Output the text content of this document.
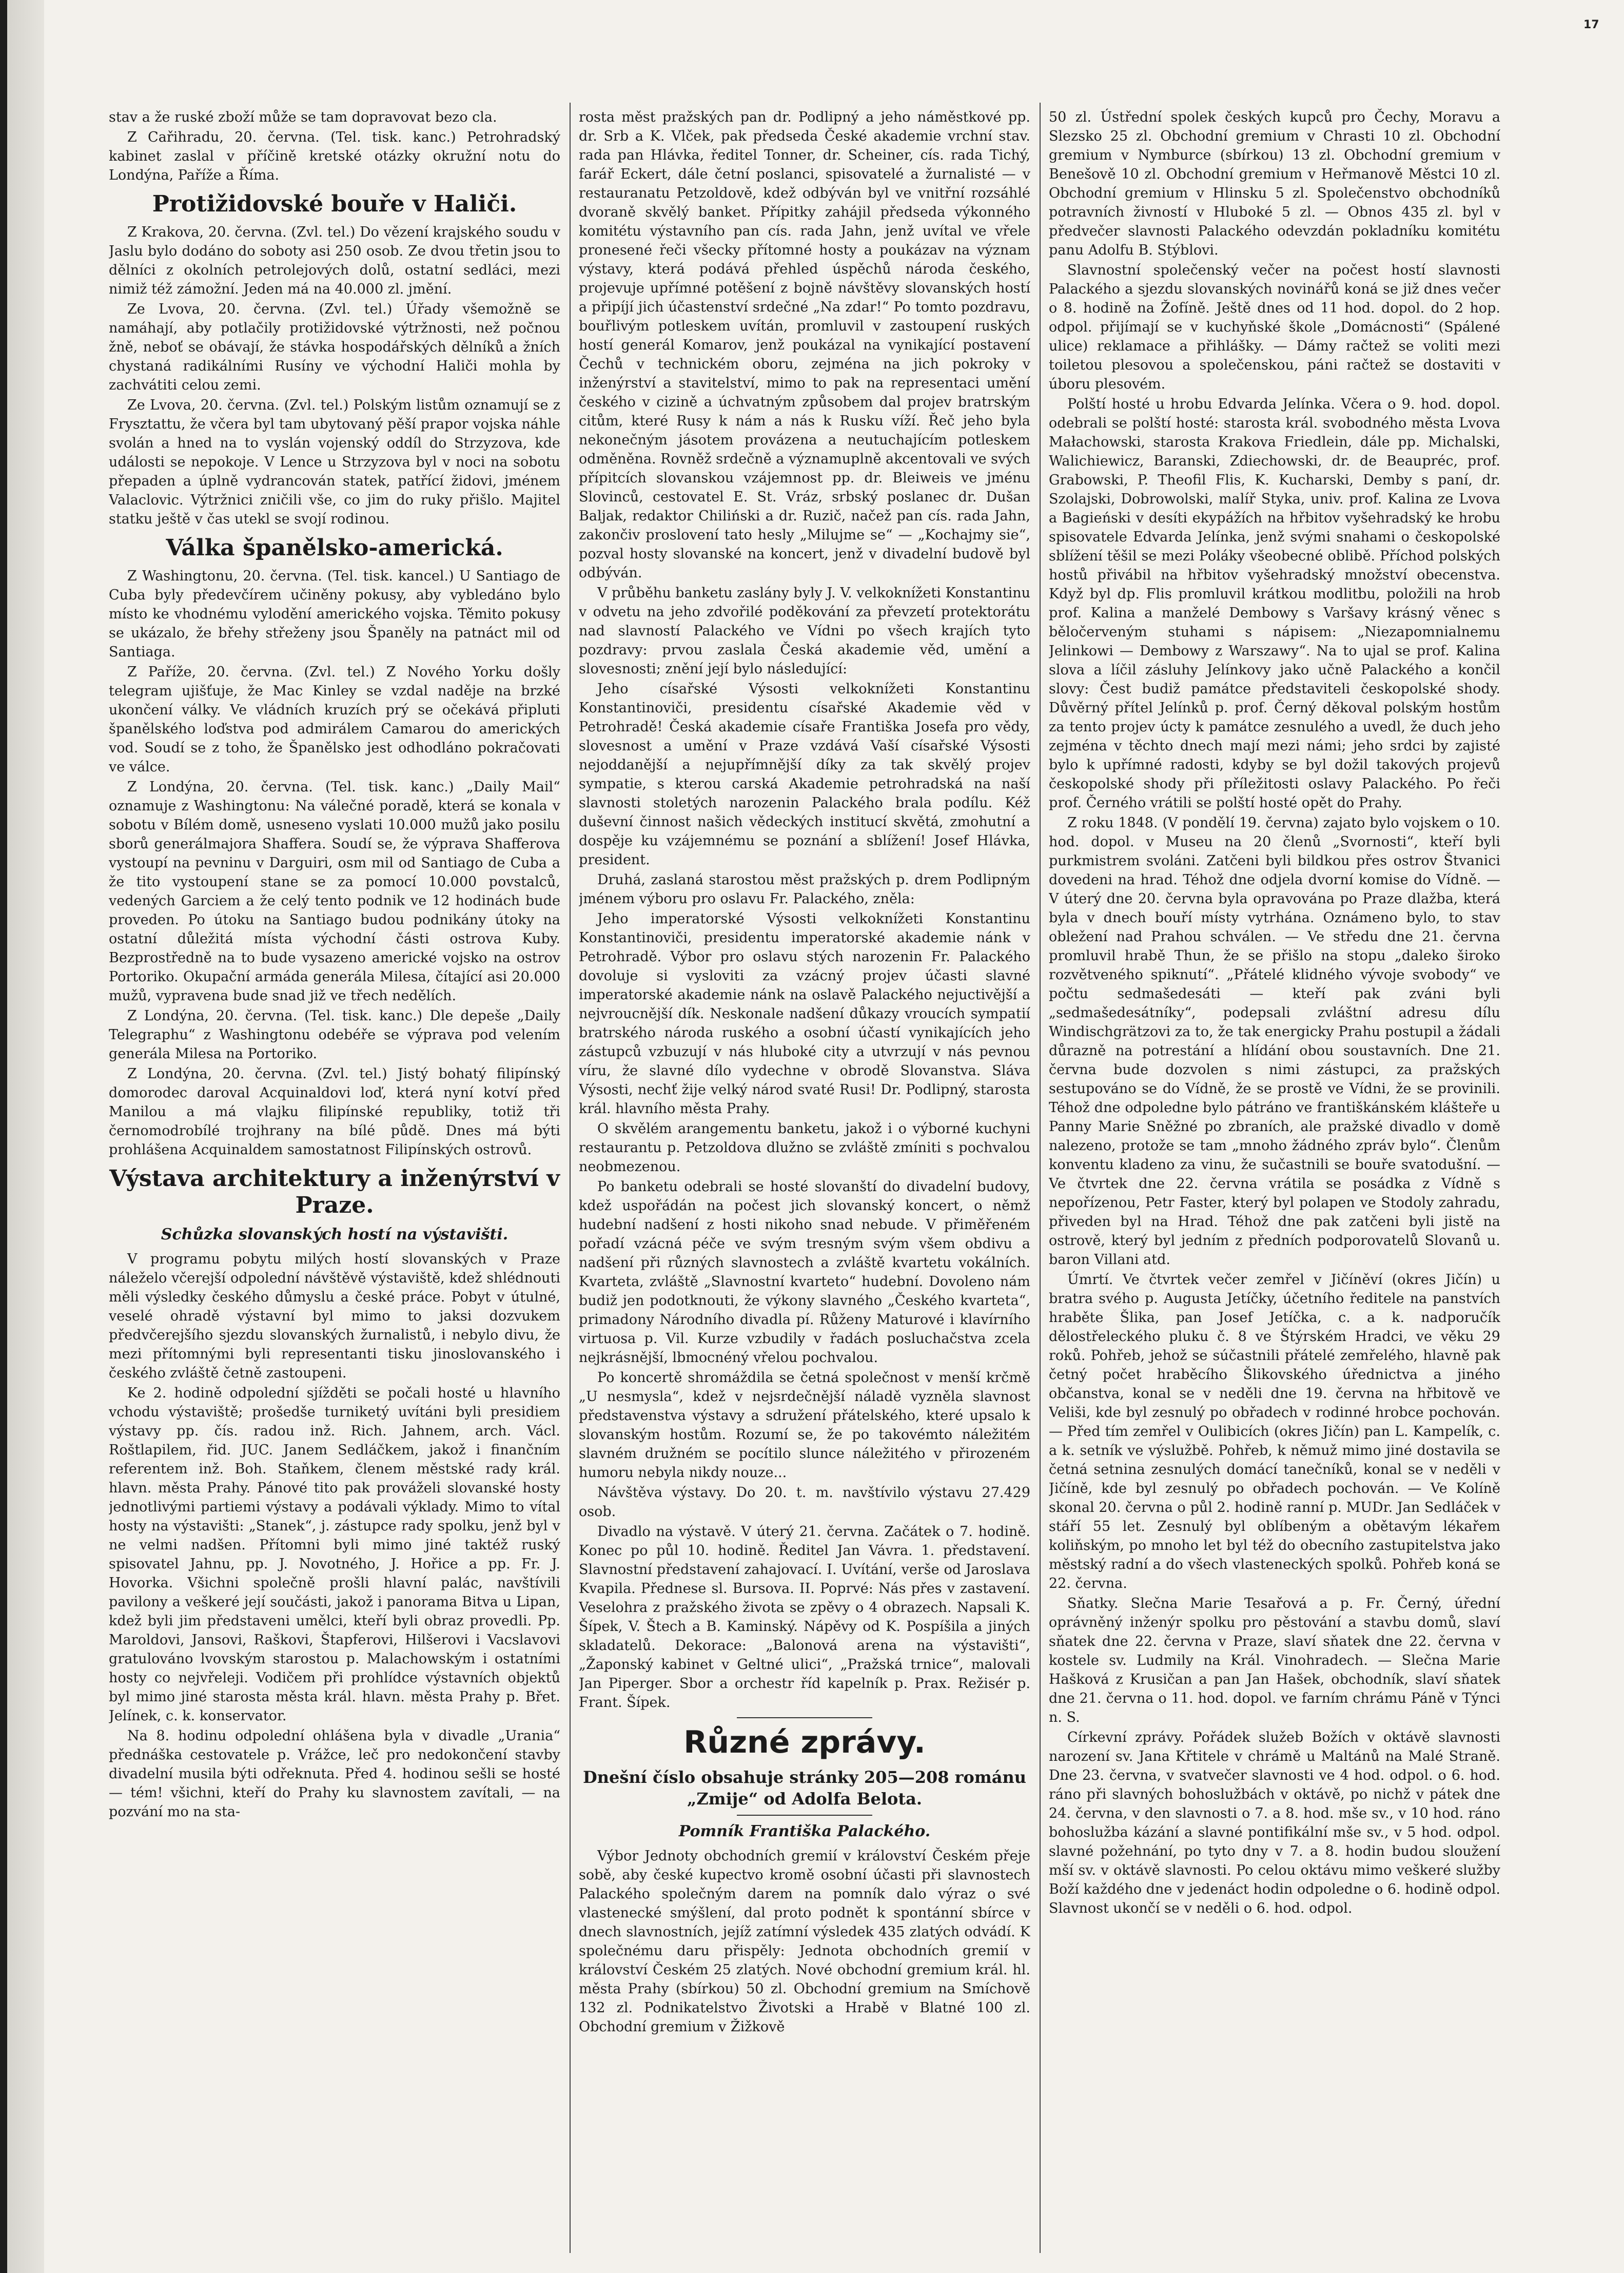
17

stav a že ruské zboží může se tam dopravovat bezo cla.

Z Cařihradu, 20. června. (Tel. tisk. kanc.) Petrohradský kabinet zaslal v příčině kretské otázky okružní notu do Londýna, Paříže a Říma.

Protižidovské bouře v Haliči.

Z Krakova, 20. června. (Zvl. tel.) Do vězení krajského soudu v Jaslu bylo dodáno do soboty asi 250 osob. Ze dvou třetin jsou to dělníci z okolních petrolejových dolů, ostatní sedláci, mezi nimiž též zámožní. Jeden má na 40.000 zl. jmění.

Ze Lvova, 20. června. (Zvl. tel.) Úřady všemožně se namáhají, aby potlačily protižidovské výtržnosti, než počnou žně, neboť se obávají, že stávka hospodářských dělníků a žních chystaná radikálními Rusíny ve východní Haliči mohla by zachvátiti celou zemi.

Ze Lvova, 20. června. (Zvl. tel.) Polským listům oznamují se z Frysztattu, že včera byl tam ubytovaný pěší prapor vojska náhle svolán a hned na to vyslán vojenský oddíl do Strzyzova, kde události se nepokoje. V Lence u Strzyzova byl v noci na sobotu přepaden a úplně vydrancován statek, patřící židovi, jménem Valaclovic. Výtržnici zničili vše, co jim do ruky přišlo. Majitel statku ještě v čas utekl se svojí rodinou.

Válka španělsko-americká.

Z Washingtonu, 20. června. (Tel. tisk. kancel.) U Santiago de Cuba byly předevčírem učiněny pokusy, aby vybledáno bylo místo ke vhodnému vylodění amerického vojska. Těmito pokusy se ukázalo, že břehy střeženy jsou Španěly na patnáct mil od Santiaga.

Z Paříže, 20. června. (Zvl. tel.) Z Nového Yorku došly telegram ujišťuje, že Mac Kinley se vzdal naděje na brzké ukončení války. Ve vládních kruzích prý se očekává připluti španělského loďstva pod admirálem Camarou do amerických vod. Soudí se z toho, že Španělsko jest odhodláno pokračovati ve válce.

Z Londýna, 20. června. (Tel. tisk. kanc.) „Daily Mail“ oznamuje z Washingtonu: Na válečné poradě, která se konala v sobotu v Bílém domě, usneseno vyslati 10.000 mužů jako posilu sborů generálmajora Shaffera. Soudí se, že výprava Shafferova vystoupí na pevninu v Darguiri, osm mil od Santiago de Cuba a že tito vystoupení stane se za pomocí 10.000 povstalců, vedených Garciem a že celý tento podnik ve 12 hodinách bude proveden. Po útoku na Santiago budou podnikány útoky na ostatní důležitá místa východní části ostrova Kuby. Bezprostředně na to bude vysazeno americké vojsko na ostrov Portoriko. Okupační armáda generála Milesa, čítající asi 20.000 mužů, vypravena bude snad již ve třech nedělích.

Z Londýna, 20. června. (Tel. tisk. kanc.) Dle depeše „Daily Telegraphu“ z Washingtonu odebéře se výprava pod velením generála Milesa na Portoriko.

Z Londýna, 20. června. (Zvl. tel.) Jistý bohatý filipínský domorodec daroval Acquinaldovi loď, která nyní kotví před Manilou a má vlajku filipínské republiky, totiž tři černomodrobílé trojhrany na bílé půdě. Dnes má býti prohlášena Acquinaldem samostatnost Filipínských ostrovů.

Výstava architektury a inženýrství v Praze.
Schůzka slovanských hostí na výstavišti.

V programu pobytu milých hostí slovanských v Praze náleželo včerejší odpolední návštěvě výstaviště, kdež shlédnouti měli výsledky českého důmyslu a české práce. Pobyt v útulné, veselé ohradě výstavní byl mimo to jaksi dozvukem předvčerejšího sjezdu slovanských žurnalistů, i nebylo divu, že mezi přítomnými byli representanti tisku jinoslovanského i českého zvláště četně zastoupeni.

Ke 2. hodině odpolední sjížděti se počali hosté u hlavního vchodu výstaviště; prošedše turniketý uvítáni byli presidiem výstavy pp. čís. radou inž. Rich. Jahnem, arch. Václ. Roštlapilem, řid. JUC. Janem Sedláčkem, jakož i finančním referentem inž. Boh. Staňkem, členem městské rady král. hlavn. města Prahy. Pánové tito pak prováželi slovanské hosty jednotlivými partiemi výstavy a podávali výklady. Mimo to vítal hosty na výstavišti: „Stanek“, j. zástupce rady spolku, jenž byl v ne velmi nadšen. Přítomni byli mimo jiné taktéž ruský spisovatel Jahnu, pp. J. Novotného, J. Hořice a pp. Fr. J. Hovorka. Všichni společně prošli hlavní palác, navštívili pavilony a veškeré její součásti, jakož i panorama Bitva u Lipan, kdež byli jim představeni umělci, kteří byli obraz provedli. Pp. Maroldovi, Jansovi, Raškovi, Štapferovi, Hilšerovi i Vacslavovi gratulováno lvovským starostou p. Malachowským i ostatními hosty co nejvřeleji. Vodičem při prohlídce výstavních objektů byl mimo jiné starosta města král. hlavn. města Prahy p. Břet. Jelínek, c. k. konservator.

Na 8. hodinu odpolední ohlášena byla v divadle „Urania“ přednáška cestovatele p. Vrážce, leč pro nedokončení stavby divadelní musila býti odřeknuta. Před 4. hodinou sešli se hosté — tém! všichni, kteří do Prahy ku slavnostem zavítali, — na pozvání mo na sta-

rosta měst pražských pan dr. Podlipný a jeho náměstkové pp. dr. Srb a K. Vlček, pak předseda České akademie vrchní stav. rada pan Hlávka, ředitel Tonner, dr. Scheiner, cís. rada Tichý, farář Eckert, dále četní poslanci, spisovatelé a žurnalisté — v restauranatu Petzoldově, kdež odbýván byl ve vnitřní rozsáhlé dvoraně skvělý banket. Přípitky zahájil předseda výkonného komitétu výstavního pan cís. rada Jahn, jenž uvítal ve vřele pronesené řeči všecky přítomné hosty a poukázav na význam výstavy, která podává přehled úspěchů národa českého, projevuje upřímné potěšení z bojně návštěvy slovanských hostí a připíjí jich účastenství srdečné „Na zdar!“ Po tomto pozdravu, bouřlivým potleskem uvítán, promluvil v zastoupení ruských hostí generál Komarov, jenž poukázal na vynikající postavení Čechů v technickém oboru, zejména na jich pokroky v inženýrství a stavitelství, mimo to pak na representaci umění českého v cizině a úchvatným způsobem dal projev bratrským citům, které Rusy k nám a nás k Rusku víží. Řeč jeho byla nekonečným jásotem provázena a neutuchajícím potleskem odměněna. Rovněž srdečně a významuplně akcentovali ve svých přípitcích slovanskou vzájemnost pp. dr. Bleiweis ve jménu Slovinců, cestovatel E. St. Vráz, srbský poslanec dr. Dušan Baljak, redaktor Chiliński a dr. Ruzič, načež pan cís. rada Jahn, zakončiv proslovení tato hesly „Milujme se“ — „Kochajmy sie“, pozval hosty slovanské na koncert, jenž v divadelní budově byl odbýván.

V průběhu banketu zaslány byly J. V. velkoknížeti Konstantinu v odvetu na jeho zdvořilé poděkování za převzetí protektorátu nad slavností Palackého ve Vídni po všech krajích tyto pozdravy: prvou zaslala Česká akademie věd, umění a slovesnosti; znění její bylo následující:

Jeho císařské Výsosti velkoknížeti Konstantinu Konstantinoviči, presidentu císařské Akademie věd v Petrohradě! Česká akademie císaře Františka Josefa pro vědy, slovesnost a umění v Praze vzdává Vaší císařské Výsosti nejoddanější a nejupřímnější díky za tak skvělý projev sympatie, s kterou carská Akademie petrohradská na naší slavnosti stoletých narozenin Palackého brala podílu. Kéž duševní činnost našich vědeckých institucí skvětá, zmohutní a dospěje ku vzájemnému se poznání a sblížení! Josef Hlávka, president.

Druhá, zaslaná starostou měst pražských p. drem Podlipným jménem výboru pro oslavu Fr. Palackého, zněla:

Jeho imperatorské Výsosti velkoknížeti Konstantinu Konstantinoviči, presidentu imperatorské akademie nánk v Petrohradě. Výbor pro oslavu stých narozenin Fr. Palackého dovoluje si vysloviti za vzácný projev účasti slavné imperatorské akademie nánk na oslavě Palackého nejuctivější a nejvroucnější dík. Neskonale nadšení důkazy vroucích sympatií bratrského národa ruského a osobní účastí vynikajících jeho zástupců vzbuzují v nás hluboké city a utvrzují v nás pevnou víru, že slavné dílo vydechne v obrodě Slovanstva. Sláva Výsosti, nechť žije velký národ svaté Rusi! Dr. Podlipný, starosta král. hlavního města Prahy.

O skvělém arangementu banketu, jakož i o výborné kuchyni restaurantu p. Petzoldova dlužno se zvláště zmíniti s pochvalou neobmezenou.

Po banketu odebrali se hosté slovanští do divadelní budovy, kdež uspořádán na počest jich slovanský koncert, o němž hudební nadšení z hosti nikoho snad nebude. V přiměřeném pořadí vzácná péče ve svým tresným svým všem obdivu a nadšení při různých slavnostech a zvláště kvartetu vokálních. Kvarteta, zvláště „Slavnostní kvarteto“ hudební. Dovoleno nám budiž jen podotknouti, že výkony slavného „Českého kvarteta“, primadony Národního divadla pí. Růženy Maturové i klavírního virtuosa p. Vil. Kurze vzbudily v řadách posluchačstva zcela nejkrásnější, lbmocnéný vřelou pochvalou.

Po koncertě shromáždila se četná společnost v menší krčmě „U nesmysla“, kdež v nejsrdečnější náladě vyzněla slavnost představenstva výstavy a sdružení přátelského, které upsalo k slovanským hostům. Rozumí se, že po takovémto náležitém slavném družném se pocítilo slunce náležitého v přirozeném humoru nebyla nikdy nouze...

Návštěva výstavy. Do 20. t. m. navštívilo výstavu 27.429 osob.

Divadlo na výstavě. V úterý 21. června. Začátek o 7. hodině. Konec po půl 10. hodině. Ředitel Jan Vávra. 1. představení. Slavnostní představení zahajovací. I. Uvítání, verše od Jaroslava Kvapila. Přednese sl. Bursova. II. Poprvé: Nás přes v zastavení. Veselohra z pražského života se zpěvy o 4 obrazech. Napsali K. Šípek, V. Štech a B. Kaminský. Nápěvy od K. Pospíšila a jiných skladatelů. Dekorace: „Balonová arena na výstavišti“, „Žaponský kabinet v Geltné ulici“, „Pražská trnice“, malovali Jan Piperger. Sbor a orchestr říd kapelník p. Prax. Režisér p. Frant. Šípek.

Různé zprávy.
Dnešní číslo obsahuje stránky 205—208 románu „Zmije“ od Adolfa Belota.
Pomník Františka Palackého.

Výbor Jednoty obchodních gremií v království Českém přeje sobě, aby české kupectvo kromě osobní účasti při slavnostech Palackého společným darem na pomník dalo výraz o své vlastenecké smýšlení, dal proto podnět k spontánní sbírce v dnech slavnostních, jejíž zatímní výsledek 435 zlatých odvádí. K společnému daru přispěly: Jednota obchodních gremií v království Českém 25 zlatých. Nové obchodní gremium král. hl. města Prahy (sbírkou) 50 zl. Obchodní gremium na Smíchově 132 zl. Podnikatelstvo Životski a Hrabě v Blatné 100 zl. Obchodní gremium v Žižkově

50 zl. Ústřední spolek českých kupců pro Čechy, Moravu a Slezsko 25 zl. Obchodní gremium v Chrasti 10 zl. Obchodní gremium v Nymburce (sbírkou) 13 zl. Obchodní gremium v Benešově 10 zl. Obchodní gremium v Heřmanově Městci 10 zl. Obchodní gremium v Hlinsku 5 zl. Společenstvo obchodníků potravních živností v Hluboké 5 zl. — Obnos 435 zl. byl v předvečer slavnosti Palackého odevzdán pokladníku komitétu panu Adolfu B. Stýblovi.

Slavnostní společenský večer na počest hostí slavnosti Palackého a sjezdu slovanských novinářů koná se již dnes večer o 8. hodině na Žofíně. Ještě dnes od 11 hod. dopol. do 2 hop. odpol. přijímají se v kuchyňské škole „Domácnosti“ (Spálené ulice) reklamace a přihlášky. — Dámy račtež se voliti mezi toiletou plesovou a společenskou, páni račtež se dostaviti v úboru plesovém.

Polští hosté u hrobu Edvarda Jelínka. Včera o 9. hod. dopol. odebrali se polští hosté: starosta král. svobodného města Lvova Małachowski, starosta Krakova Friedlein, dále pp. Michalski, Walichiewicz, Baranski, Zdiechowski, dr. de Beaupréc, prof. Grabowski, P. Theofil Flis, K. Kucharski, Demby s paní, dr. Szolajski, Dobrowolski, malíř Styka, univ. prof. Kalina ze Lvova a Bagieński v desíti ekypážích na hřbitov vyšehradský ke hrobu spisovatele Edvarda Jelínka, jenž svými snahami o českopolské sblížení těšil se mezi Poláky všeobecné oblibě. Příchod polských hostů přivábil na hřbitov vyšehradský množství obecenstva. Když byl dp. Flis promluvil krátkou modlitbu, položili na hrob prof. Kalina a manželé Dembowy s Varšavy krásný věnec s běločerveným stuhami s nápisem: „Niezapomnialnemu Jelinkowi — Dembowy z Warszawy“. Na to ujal se prof. Kalina slova a líčil zásluhy Jelínkovy jako učně Palackého a končil slovy: Čest budiž památce představiteli českopolské shody. Důvěrný přítel Jelínků p. prof. Černý děkoval polským hostům za tento projev úcty k památce zesnulého a uvedl, že duch jeho zejména v těchto dnech mají mezi námi; jeho srdci by zajisté bylo k upřímné radosti, kdyby se byl dožil takových projevů českopolské shody při příležitosti oslavy Palackého. Po řeči prof. Černého vrátili se polští hosté opět do Prahy.

Z roku 1848. (V pondělí 19. června) zajato bylo vojskem o 10. hod. dopol. v Museu na 20 členů „Svornosti“, kteří byli purkmistrem svoláni. Zatčeni byli bildkou přes ostrov Štvanici dovedeni na hrad. Téhož dne odjela dvorní komise do Vídně. — V úterý dne 20. června byla opravována po Praze dlažba, která byla v dnech bouří místy vytrhána. Oznámeno bylo, to stav obležení nad Prahou schválen. — Ve středu dne 21. června promluvil hrabě Thun, že se přišlo na stopu „daleko široko rozvětveného spiknutí“. „Přátelé klidného vývoje svobody“ ve počtu sedmašedesáti — kteří pak zváni byli „sedmašedesátníky“, podepsali zvláštní adresu dílu Windischgrätzovi za to, že tak energicky Prahu postupil a žádali důrazně na potrestání a hlídání obou soustavních. Dne 21. června bude dozvolen s nimi zástupci, za pražských sestupováno se do Vídně, že se prostě ve Vídni, že se provinili. Téhož dne odpoledne bylo pátráno ve františkánském klášteře u Panny Marie Sněžné po zbraních, ale pražské divadlo v domě nalezeno, protože se tam „mnoho žádného zpráv bylo“. Členům konventu kladeno za vinu, že sučastnili se bouře svatodušní. — Ve čtvrtek dne 22. června vrátila se posádka z Vídně s nepořízenou, Petr Faster, který byl polapen ve Stodoly zahradu, přiveden byl na Hrad. Téhož dne pak zatčeni byli jistě na ostrově, který byl jedním z předních podporovatelů Slovanů u. baron Villani atd.

Úmrtí. Ve čtvrtek večer zemřel v Jičíněví (okres Jičín) u bratra svého p. Augusta Jetíčky, účetního ředitele na panstvích hraběte Šlika, pan Josef Jetíčka, c. a k. nadporučík dělostřeleckého pluku č. 8 ve Štýrském Hradci, ve věku 29 roků. Pohřeb, jehož se súčastnili přátelé zemřelého, hlavně pak četný počet hraběcího Šlikovského úřednictva a jiného občanstva, konal se v neděli dne 19. června na hřbitově ve Veliši, kde byl zesnulý po obřadech v rodinné hrobce pochován. — Před tím zemřel v Oulibicích (okres Jičín) pan L. Kampelík, c. a k. setník ve výslužbě. Pohřeb, k němuž mimo jiné dostavila se četná setnina zesnulých domácí tanečníků, konal se v neděli v Jičíně, kde byl zesnulý po obřadech pochován. — Ve Kolíně skonal 20. června o půl 2. hodině ranní p. MUDr. Jan Sedláček v stáří 55 let. Zesnulý byl oblíbeným a obětavým lékařem koliňským, po mnoho let byl též do obecního zastupitelstva jako městský radní a do všech vlasteneckých spolků. Pohřeb koná se 22. června.

Sňatky. Slečna Marie Tesařová a p. Fr. Černý, úřední oprávněný inženýr spolku pro pěstování a stavbu domů, slaví sňatek dne 22. června v Praze, slaví sňatek dne 22. června v kostele sv. Ludmily na Král. Vinohradech. — Slečna Marie Hašková z Krusičan a pan Jan Hašek, obchodník, slaví sňatek dne 21. června o 11. hod. dopol. ve farním chrámu Páně v Týnci n. S.

Církevní zprávy. Pořádek služeb Božích v oktávě slavnosti narození sv. Jana Křtitele v chrámě u Maltánů na Malé Straně. Dne 23. června, v svatvečer slavnosti ve 4 hod. odpol. o 6. hod. ráno při slavných bohoslužbách v oktávě, po nichž v pátek dne 24. června, v den slavnosti o 7. a 8. hod. mše sv., v 10 hod. ráno bohoslužba kázání a slavné pontifikální mše sv., v 5 hod. odpol. slavné požehnání, po tyto dny v 7. a 8. hodin budou sloužení mší sv. v oktávě slavnosti. Po celou oktávu mimo veškeré služby Boží každého dne v jedenáct hodin odpoledne o 6. hodině odpol. Slavnost ukončí se v neděli o 6. hod. odpol.
